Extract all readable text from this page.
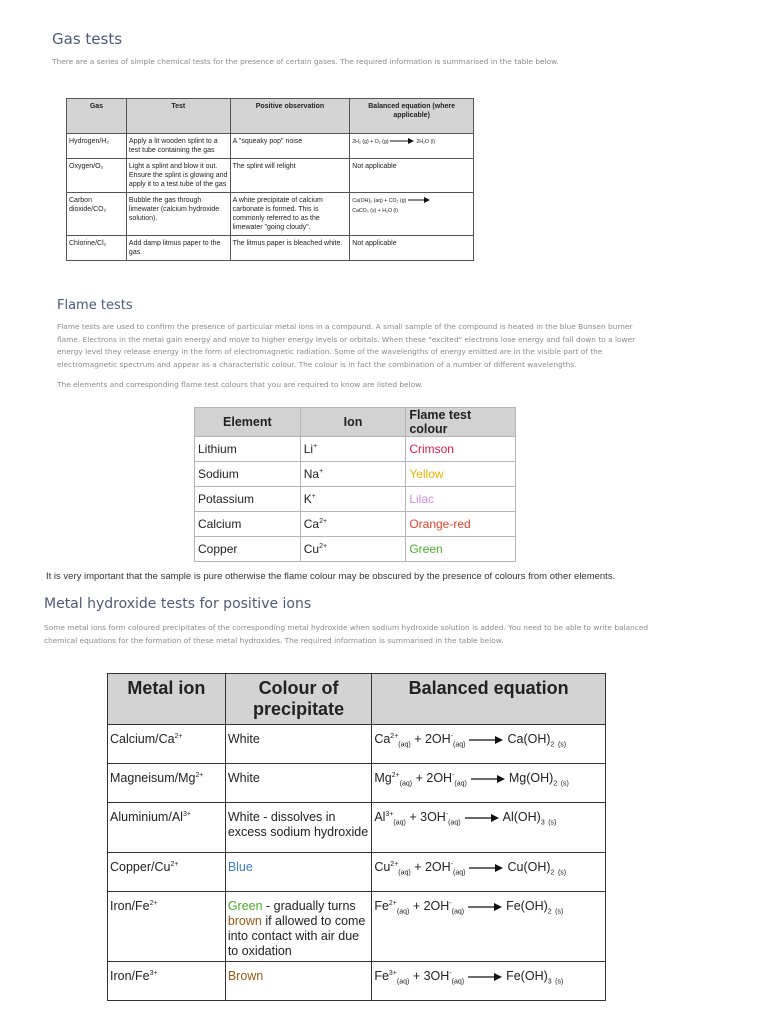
Gas tests
There are a series of simple chemical tests for the presence of certain gases. The required information is summarised in the table below.
Gas	Test	Positive observation	Balanced equation (where applicable)
Hydrogen/H₂	Apply a lit wooden splint to a test tube containing the gas	A "squeaky pop" noise	2H₂ (g) + O₂ (g) 2H₂O (l)
Oxygen/O₂	Light a splint and blow it out. Ensure the splint is glowing and apply it to a test tube of the gas	The splint will relight	Not applicable
Carbon dioxide/CO₂	Bubble the gas through limewater (calcium hydroxide solution).	A white precipitate of calcium carbonate is formed. This is commonly referred to as the limewater "going cloudy".	Ca(OH)₂ (aq) + CO₂ (g)  CaCO₃ (s) + H₂O (l)
Chlorine/Cl₂	Add damp litmus paper to the gas.	The litmus paper is bleached white.	Not applicable
Flame tests
Flame tests are used to confirm the presence of particular metal ions in a compound. A small sample of the compound is heated in the blue Bunsen burner flame. Electrons in the metal gain energy and move to higher energy levels or orbitals. When these "excited" electrons lose energy and fall down to a lower energy level they release energy in the form of electromagnetic radiation. Some of the wavelengths of energy emitted are in the visible part of the electromagnetic spectrum and appear as a characteristic colour. The colour is in fact the combination of a number of different wavelengths.
The elements and corresponding flame test colours that you are required to know are listed below.
Element	Ion	Flame test colour
Lithium	Li+	Crimson
Sodium	Na+	Yellow
Potassium	K+	Lilac
Calcium	$Ca^{2+}$	Orange-red
Copper	$Cu^{2+}$	Green
It is very important that the sample is pure otherwise the flame colour may be obscured by the presence of colours from other elements.
Metal hydroxide tests for positive ions
Some metal ions form coloured precipitates of the corresponding metal hydroxide when sodium hydroxide solution is added. You need to be able to write balanced chemical equations for the formation of these metal hydroxides. The required information is summarised in the table below.
Metal ion	Colour of precipitate	Balanced equation
Calcium/$Ca^{2+}$	White	$Ca^{2+}_{(aq)} + 2OH^-_{(aq)}$ $Ca(OH)_2$ $_{(s)}$
Magneisum/$Mg^{2+}$	White	$Mg^{2+}_{(aq)} + 2OH^-_{(aq)}$ $Mg(OH)_2$ $_{(s)}$
Aluminium/$Al^{3+}$	White - dissolves in excess sodium hydroxide	$Al^{3+}_{(aq)} + 3OH^-_{(aq)}$ $Al(OH)_3$ $_{(s)}$
Copper/$Cu^{2+}$	Blue	$Cu^{2+}_{(aq)} + 2OH^-_{(aq)}$ $Cu(OH)_2$ $_{(s)}$
Iron/$Fe^{2+}$	Green - gradually turns brown if allowed to come into contact with air due to oxidation	$Fe^{2+}_{(aq)} + 2OH^-_{(aq)}$ $Fe(OH)_2$ $_{(s)}$
Iron/$Fe^{3+}$	Brown	$Fe^{3+}_{(aq)} + 3OH^-_{(aq)}$ $Fe(OH)_3$ $_{(s)}$
